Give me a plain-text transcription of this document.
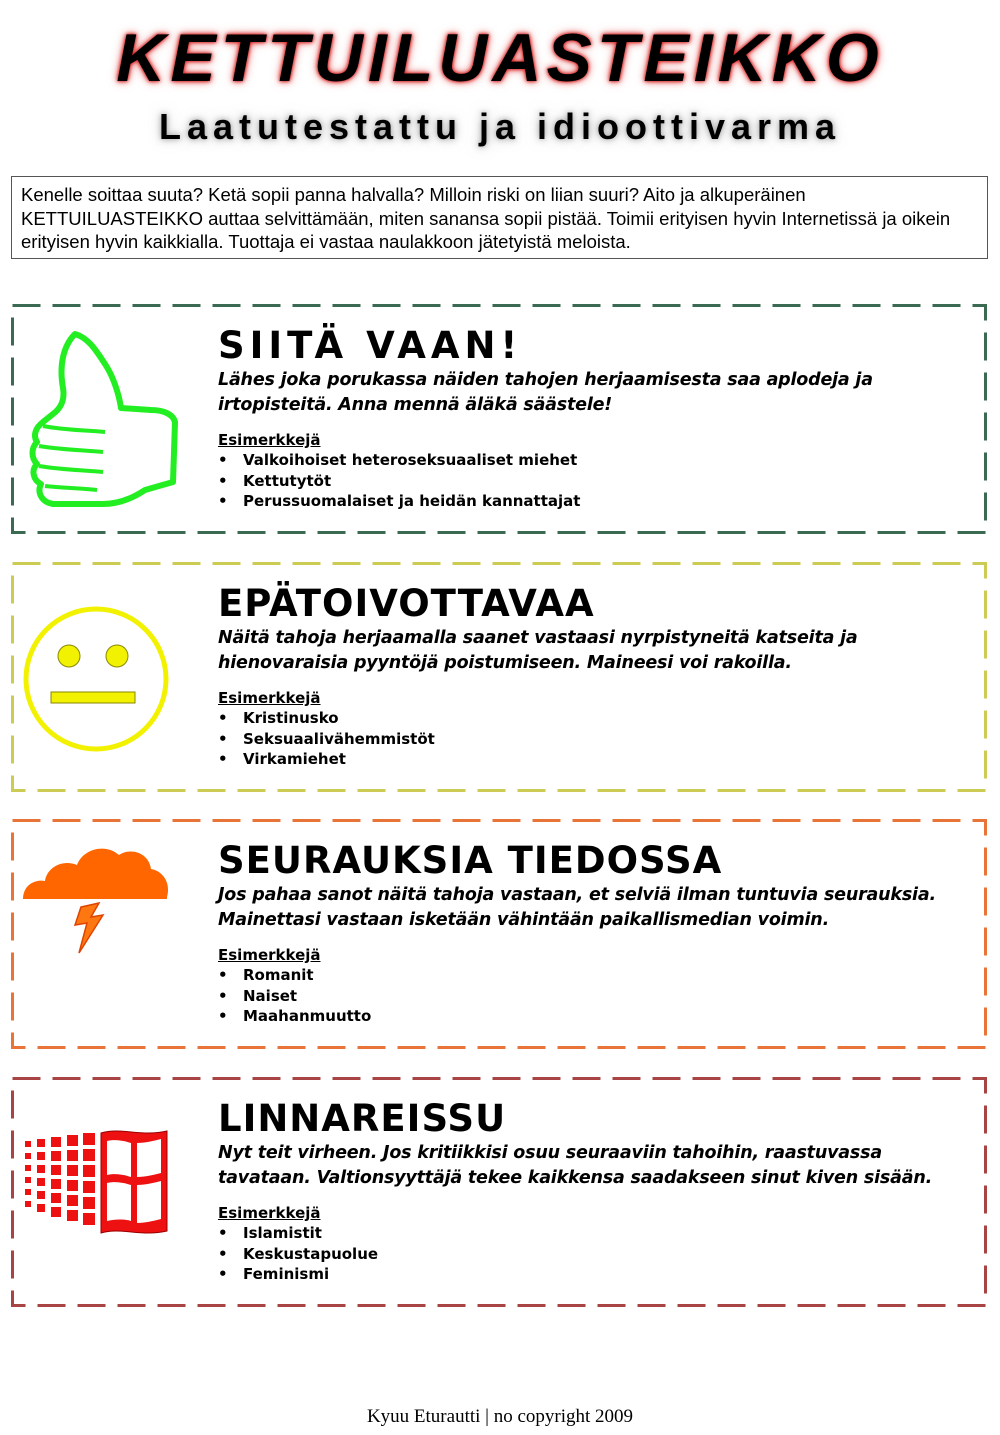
KETTUILUASTEIKKO
Laatutestattu ja idioottivarma
Kenelle soittaa suuta? Ketä sopii panna halvalla? Milloin riski on liian suuri? Aito ja alkuperäinen KETTUILUASTEIKKO auttaa selvittämään, miten sanansa sopii pistää. Toimii erityisen hyvin Internetissä ja oikein erityisen hyvin kaikkialla. Tuottaja ei vastaa naulakkoon jätetyistä meloista.
SIITÄ VAAN!

Lähes joka porukassa näiden tahojen herjaamisesta saa aplodeja ja irtopisteitä. Anna mennä äläkä säästele!

Esimerkkejä
• Valkoihoiset heteroseksuaaliset miehet
• Kettutytöt
• Perussuomalaiset ja heidän kannattajat
EPÄTOIVOTTAVAA

Näitä tahoja herjaamalla saanet vastaasi nyrpistyneitä katseita ja hienovaraisia pyyntöjä poistumiseen. Maineesi voi rakoilla.

Esimerkkejä
• Kristinusko
• Seksuaalivähemmistöt
• Virkamiehet
SEURAUKSIA TIEDOSSA

Jos pahaa sanot näitä tahoja vastaan, et selviä ilman tuntuvia seurauksia. Mainettasi vastaan isketään vähintään paikallismedian voimin.

Esimerkkejä
• Romanit
• Naiset
• Maahanmuutto
LINNAREISSU

Nyt teit virheen. Jos kritiikkisi osuu seuraaviin tahoihin, raastuvassa tavataan. Valtionsyyttäjä tekee kaikkensa saadakseen sinut kiven sisään.

Esimerkkejä
• Islamistit
• Keskustapuolue
• Feminismi
Kyuu Eturautti | no copyright 2009
